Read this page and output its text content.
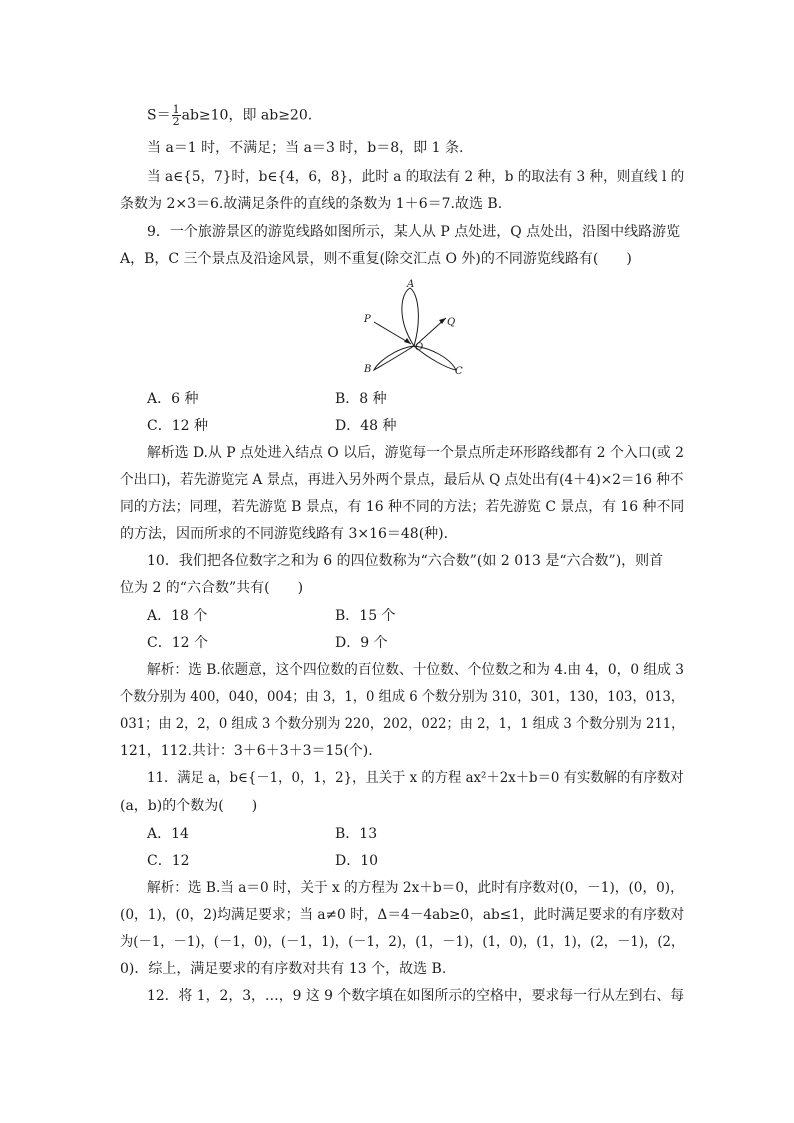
$S= \frac{1}{2} ab\ge 10$，即 ab≥20.
当 a＝1 时，不满足；当 a＝3 时，b＝8，即 1 条.
当 a∈{5，7}时，b∈{4，6，8}，此时 a 的取法有 2 种，b 的取法有 3 种，则直线 l 的
条数为 2×3＝6.故满足条件的直线的条数为 1＋6＝7.故选 B.
9．一个旅游景区的游览线路如图所示，某人从 P 点处进，Q 点处出，沿图中线路游览
A，B，C 三个景点及沿途风景，则不重复(除交汇点 O 外)的不同游览线路有(　　)
A
P	Q
O
B	C
A．6 种	B．8 种
C．12 种	D．48 种
解析选 D.从 P 点处进入结点 O 以后，游览每一个景点所走环形路线都有 2 个入口(或 2
个出口)，若先游览完 A 景点，再进入另外两个景点，最后从 Q 点处出有(4＋4)×2＝16 种不
同的方法；同理，若先游览 B 景点，有 16 种不同的方法；若先游览 C 景点，有 16 种不同
的方法，因而所求的不同游览线路有 3×16＝48(种).
10．我们把各位数字之和为 6 的四位数称为“六合数”(如 2 013 是“六合数”)，则首
位为 2 的“六合数”共有(　　)
A．18 个	B．15 个
C．12 个	D．9 个
解析：选 B.依题意，这个四位数的百位数、十位数、个位数之和为 4.由 4，0，0 组成 3
个数分别为 400，040，004；由 3，1，0 组成 6 个数分别为 310，301，130，103，013，
031；由 2，2，0 组成 3 个数分别为 220，202，022；由 2，1，1 组成 3 个数分别为 211，
121，112.共计：3＋6＋3＋3＝15(个).
11．满足 a，b∈{－1，0，1，2}，且关于 x 的方程 ax²＋2x＋b＝0 有实数解的有序数对
(a，b)的个数为(　　)
A．14	B．13
C．12	D．10
解析：选 B.当 a＝0 时，关于 x 的方程为 2x＋b＝0，此时有序数对(0，－1)，(0，0)，
(0，1)，(0，2)均满足要求；当 a≠0 时，Δ＝4－4ab≥0，ab≤1，此时满足要求的有序数对
为(－1，－1)，(－1，0)，(－1，1)，(－1，2)，(1，－1)，(1，0)，(1，1)，(2，－1)，(2，
0)．综上，满足要求的有序数对共有 13 个，故选 B.
12．将 1，2，3，…，9 这 9 个数字填在如图所示的空格中，要求每一行从左到右、每
